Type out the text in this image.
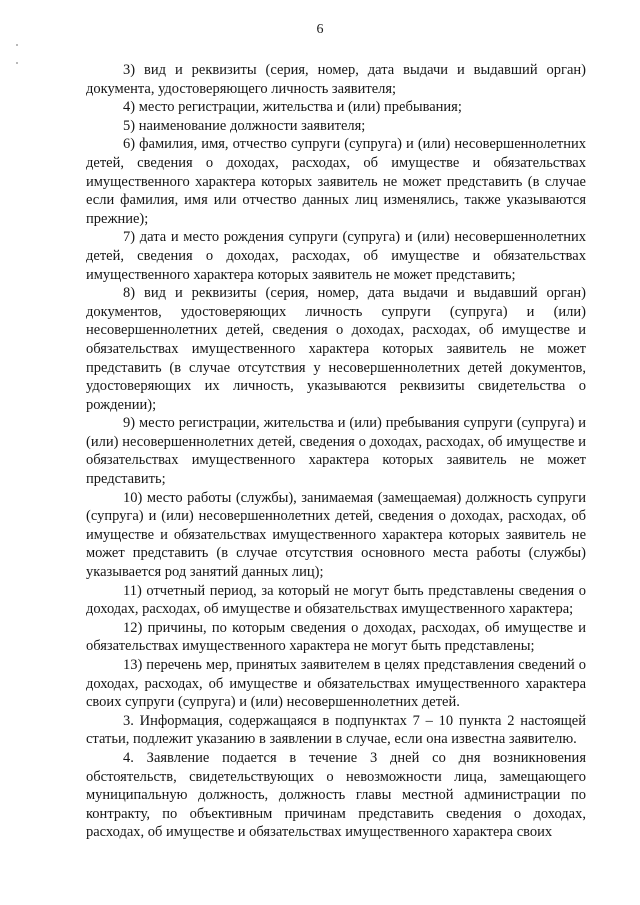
6

3) вид и реквизиты (серия, номер, дата выдачи и выдавший орган) документа, удостоверяющего личность заявителя;

4) место регистрации, жительства и (или) пребывания;

5) наименование должности заявителя;

6) фамилия, имя, отчество супруги (супруга) и (или) несовершеннолетних детей, сведения о доходах, расходах, об имуществе и обязательствах имущественного характера которых заявитель не может представить (в случае если фамилия, имя или отчество данных лиц изменялись, также указываются прежние);

7) дата и место рождения супруги (супруга) и (или) несовершеннолетних детей, сведения о доходах, расходах, об имуществе и обязательствах имущественного характера которых заявитель не может представить;

8) вид и реквизиты (серия, номер, дата выдачи и выдавший орган) документов, удостоверяющих личность супруги (супруга) и (или) несовершеннолетних детей, сведения о доходах, расходах, об имуществе и обязательствах имущественного характера которых заявитель не может представить (в случае отсутствия у несовершеннолетних детей документов, удостоверяющих их личность, указываются реквизиты свидетельства о рождении);

9) место регистрации, жительства и (или) пребывания супруги (супруга) и (или) несовершеннолетних детей, сведения о доходах, расходах, об имуществе и обязательствах имущественного характера которых заявитель не может представить;

10) место работы (службы), занимаемая (замещаемая) должность супруги (супруга) и (или) несовершеннолетних детей, сведения о доходах, расходах, об имуществе и обязательствах имущественного характера которых заявитель не может представить (в случае отсутствия основного места работы (службы) указывается род занятий данных лиц);

11) отчетный период, за который не могут быть представлены сведения о доходах, расходах, об имуществе и обязательствах имущественного характера;

12) причины, по которым сведения о доходах, расходах, об имуществе и обязательствах имущественного характера не могут быть представлены;

13) перечень мер, принятых заявителем в целях представления сведений о доходах, расходах, об имуществе и обязательствах имущественного характера своих супруги (супруга) и (или) несовершеннолетних детей.

3. Информация, содержащаяся в подпунктах 7 – 10 пункта 2 настоящей статьи, подлежит указанию в заявлении в случае, если она известна заявителю.

4. Заявление подается в течение 3 дней со дня возникновения обстоятельств, свидетельствующих о невозможности лица, замещающего муниципальную должность, должность главы местной администрации по контракту, по объективным причинам представить сведения о доходах, расходах, об имуществе и обязательствах имущественного характера своих
